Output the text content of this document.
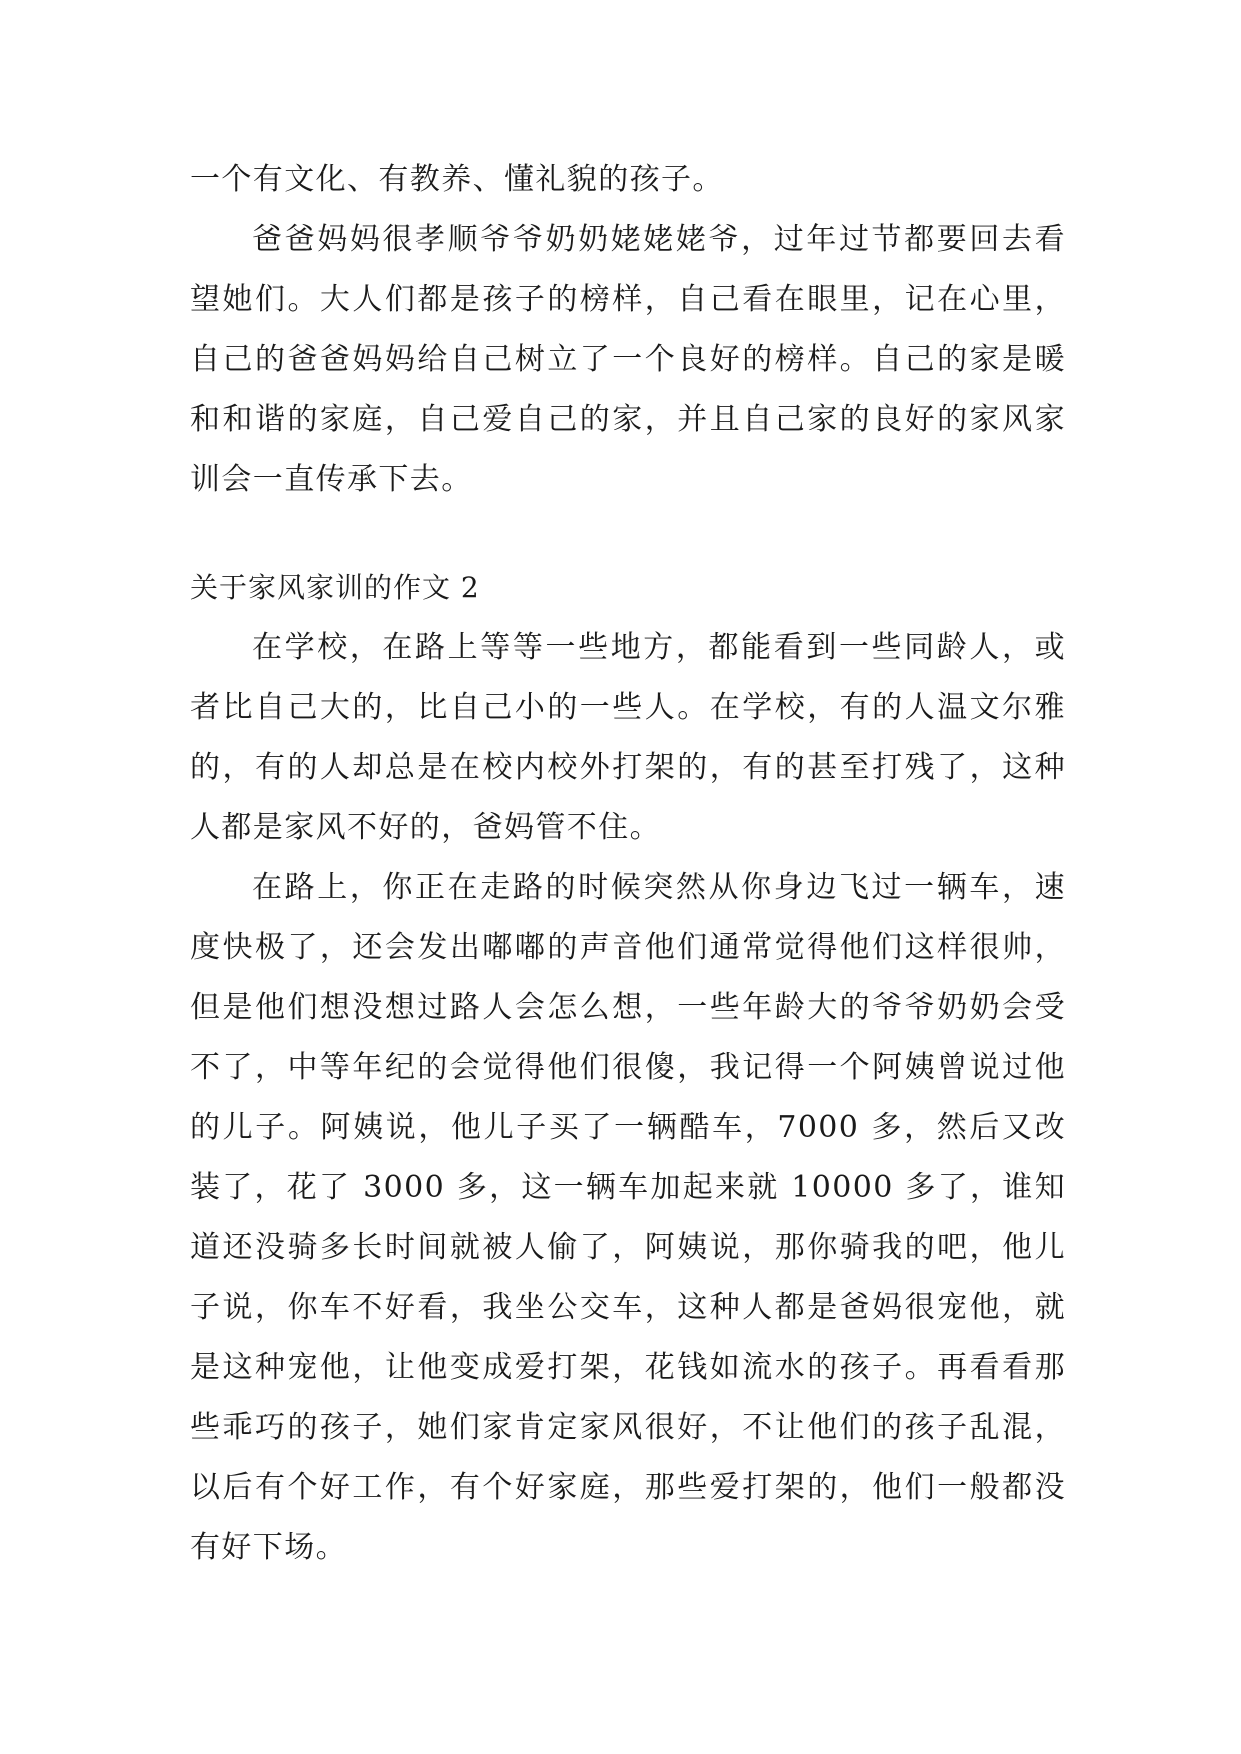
一个有文化、有教养、懂礼貌的孩子。

爸爸妈妈很孝顺爷爷奶奶姥姥姥爷，过年过节都要回去看望她们。大人们都是孩子的榜样，自己看在眼里，记在心里，自己的爸爸妈妈给自己树立了一个良好的榜样。自己的家是暖和和谐的家庭，自己爱自己的家，并且自己家的良好的家风家训会一直传承下去。

关于家风家训的作文 2

在学校，在路上等等一些地方，都能看到一些同龄人，或者比自己大的，比自己小的一些人。在学校，有的人温文尔雅的，有的人却总是在校内校外打架的，有的甚至打残了，这种人都是家风不好的，爸妈管不住。

在路上，你正在走路的时候突然从你身边飞过一辆车，速度快极了，还会发出嘟嘟的声音他们通常觉得他们这样很帅，但是他们想没想过路人会怎么想，一些年龄大的爷爷奶奶会受不了，中等年纪的会觉得他们很傻，我记得一个阿姨曾说过他的儿子。阿姨说，他儿子买了一辆酷车，7000 多，然后又改装了，花了 3000 多，这一辆车加起来就 10000 多了，谁知道还没骑多长时间就被人偷了，阿姨说，那你骑我的吧，他儿子说，你车不好看，我坐公交车，这种人都是爸妈很宠他，就是这种宠他，让他变成爱打架，花钱如流水的孩子。再看看那些乖巧的孩子，她们家肯定家风很好，不让他们的孩子乱混，以后有个好工作，有个好家庭，那些爱打架的，他们一般都没有好下场。
